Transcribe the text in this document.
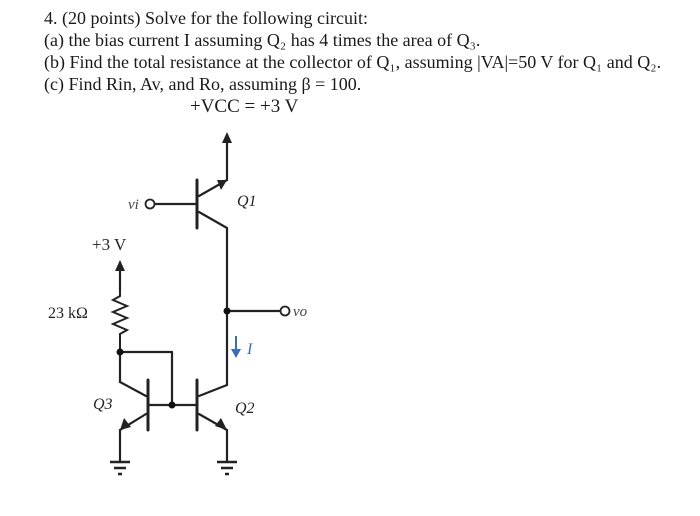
4. (20 points) Solve for the following circuit:
(a) the bias current I assuming Q₂ has 4 times the area of Q₃.
(b) Find the total resistance at the collector of Q₁, assuming |VA|=50 V for Q₁ and Q₂.
(c) Find Rin, Av, and Ro, assuming β = 100.
+VCC = +3 V
vi	Q1
+3 V
23 kΩ
I
vo
Q3	Q2
